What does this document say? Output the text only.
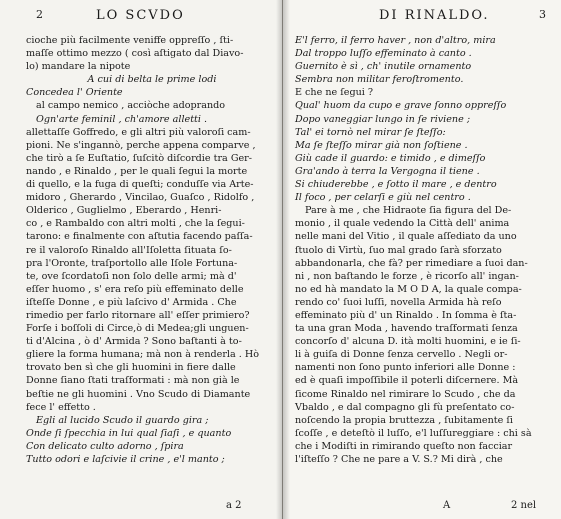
2	LO SCVDO
cioche più facilmente veniffe oppreſſo , ſti-
maſſe ottimo mezzo ( così aſtigato dal Diavo-
lo) mandare la nipote
A cui di belta le prime lodi
Concedea l' Oriente
al campo nemico , acciòche adoprando
Ogn'arte feminil , ch'amore alletti .
allettaſſe Goffredo, e gli altri più valoroſi cam-
pioni. Ne s'ingannò, perche appena comparve ,
che tirò a ſe Euſtatio, ſuſcitò diſcordie tra Ger-
nando , e Rinaldo , per le quali ſegui la morte
di quello, e la fuga di queſti; conduſſe via Arte-
midoro , Gherardo , Vincilao, Guaſco , Ridolfo ,
Olderico , Guglielmo , Eberardo , Henri-
co , e Rambaldo con altri molti , che la ſegui-
tarono: e finalmente con aſtutia facendo paſſa-
re il valoroſo Rinaldo all'Iſoletta ſituata ſo-
pra l'Oronte, traſportollo alle Iſole Fortuna-
te, ove ſcordatoſi non ſolo delle armi; mà d'
eſſer huomo , s' era reſo più effeminato delle
iſteſſe Donne , e più laſcivo d' Armida . Che
rimedio per farlo ritornare all' eſſer primiero?
Forſe i boſſoli di Circe,ò di Medea;gli unguen-
ti d'Alcina , ò d' Armida ? Sono baſtanti à to-
gliere la forma humana; mà non à renderla . Hò
trovato ben sì che gli huomini in fiere dalle
Donne ſiano ſtati traſformati : mà non già le
beſtie ne gli huomini . Vno Scudo di Diamante
fece l' effetto .
Egli al lucido Scudo il guardo gira ;
Onde ſi ſpecchia in lui qual ſiaſi , e quanto
Con delicato culto adorno , ſpira
Tutto odori e laſcivie il crine , e'l manto ;
a 2
DI RINALDO.	3
E'l ferro, il ferro haver , non d'altro, mira
Dal troppo luſſo effeminato à canto .
Guernito è sì , ch' inutile ornamento
Sembra non militar feroſtromento.
E che ne ſegui ?
Qual' huom da cupo e grave ſonno oppreſſo
Dopo vaneggiar lungo in ſe riviene ;
Tal' ei tornò nel mirar ſe ſteſſo:
Ma ſe ſteſſo mirar già non ſoſtiene .
Giù cade il guardo: e timido , e dimeſſo
Gra'ando à terra la Vergogna il tiene .
Si chiuderebbe , e ſotto il mare , e dentro
Il foco , per celarſi e giù nel centro .
Pare à me , che Hidraote ſia figura del De-
monio , il quale vedendo la Città dell' anima
nelle mani del Vitio , il quale aſſediato da uno
ſtuolo di Virtù, ſuo mal grado ſarà sforzato
abbandonarla, che fà? per rimediare a ſuoi dan-
ni , non baſtando le forze , è ricorſo all' ingan-
no ed hà mandato la M O D A, la quale compa-
rendo co' ſuoi luſſi, novella Armida hà reſo
effeminato più d' un Rinaldo . In ſomma è ſta-
ta una gran Moda , havendo traſformati ſenza
concorſo d' alcuna D. ità molti huomini, e ie ſi-
li à guiſa di Donne ſenza cervello . Negli or-
namenti non ſono punto inferiori alle Donne :
ed è quaſi impoſſibile il poterli diſcernere. Mà
ſicome Rinaldo nel rimirare lo Scudo , che da
Vbaldo , e dal compagno gli fù preſentato co-
noſcendo la propia bruttezza , ſubitamente ſi
ſcoſſe , e deteſtò il luſſo, e'l luſſureggiare : chi sà
che i Modiſti in rimirando queſto non facciar
l'iſteſſo ? Che ne pare a V. S.? Mi dirà , che
A	2 nel
